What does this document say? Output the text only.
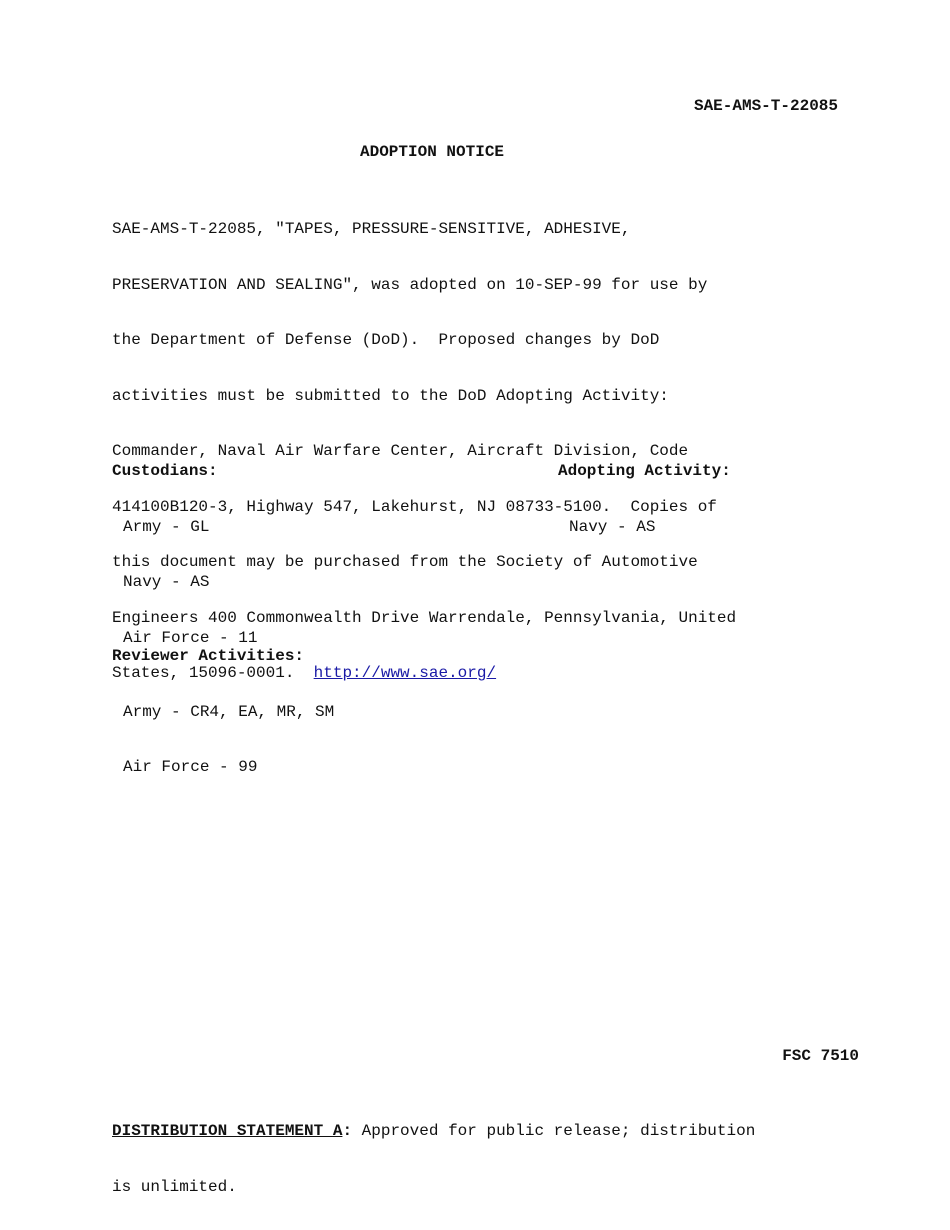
SAE-AMS-T-22085
ADOPTION NOTICE

SAE-AMS-T-22085, "TAPES, PRESSURE-SENSITIVE, ADHESIVE,

PRESERVATION AND SEALING", was adopted on 10-SEP-99 for use by

the Department of Defense (DoD).  Proposed changes by DoD

activities must be submitted to the DoD Adopting Activity:

Commander, Naval Air Warfare Center, Aircraft Division, Code

414100B120-3, Highway 547, Lakehurst, NJ 08733-5100.  Copies of

this document may be purchased from the Society of Automotive

Engineers 400 Commonwealth Drive Warrendale, Pennsylvania, United

States, 15096-0001.  http://www.sae.org/

Custodians:

Army - GL

Navy - AS

Air Force - 11

Adopting Activity:

Navy - AS

Reviewer Activities:

Army - CR4, EA, MR, SM

Air Force - 99

FSC 7510

DISTRIBUTION STATEMENT A: Approved for public release; distribution

is unlimited.
